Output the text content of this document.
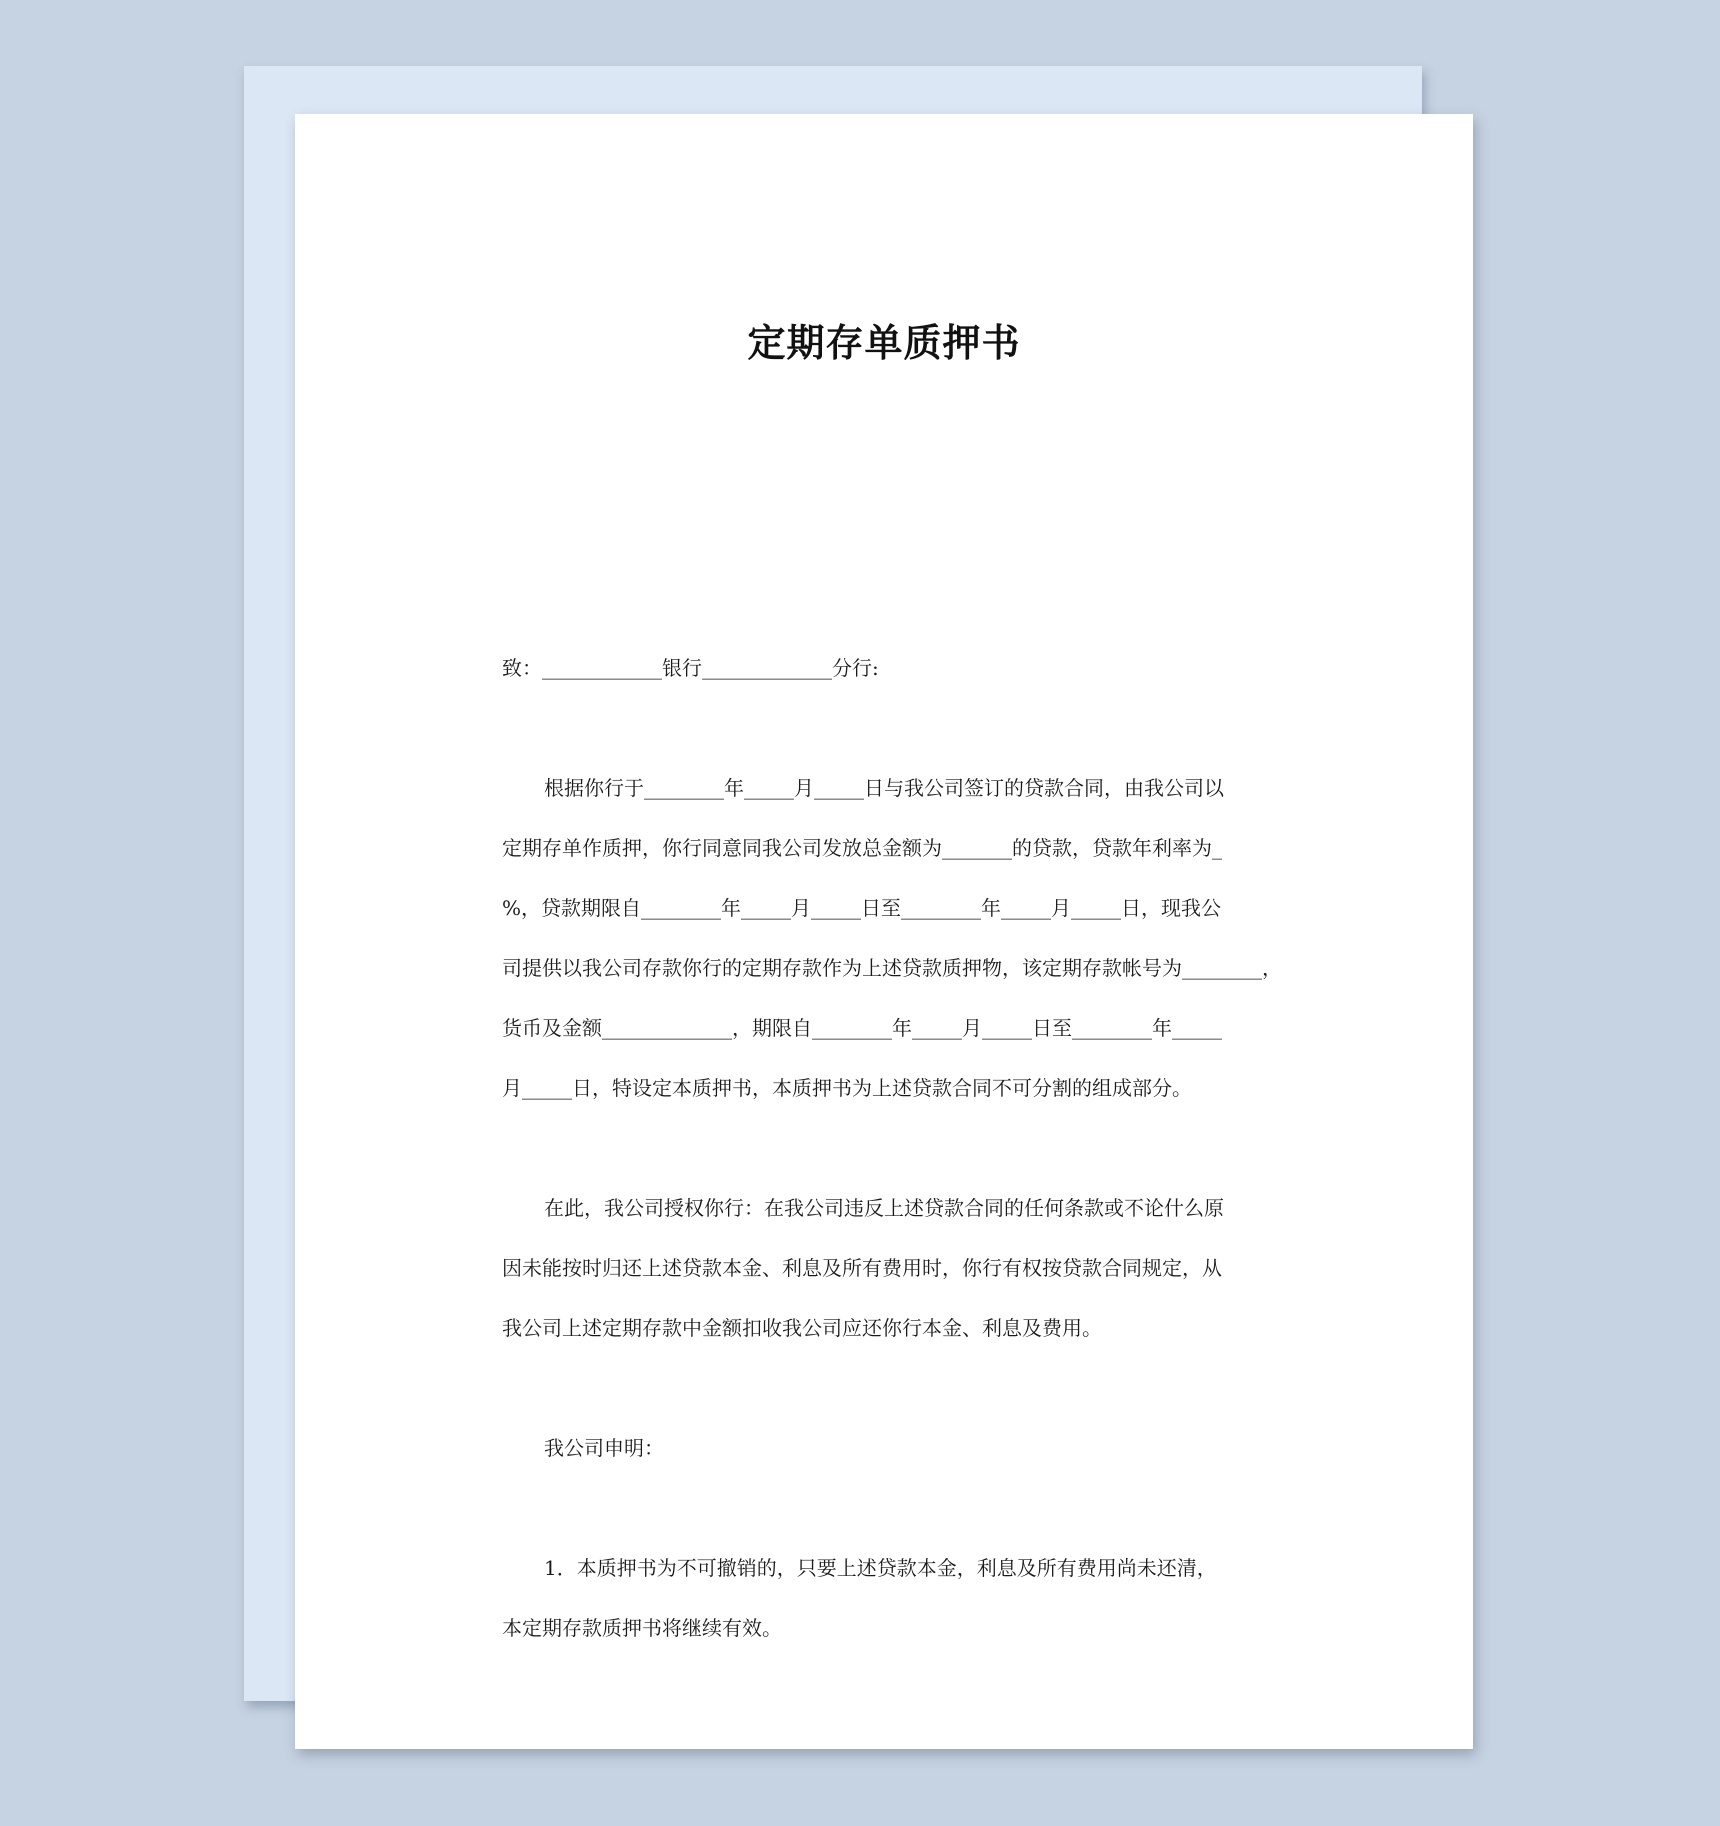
定期存单质押书
致：____________银行_____________分行:
根据你行于________年_____月_____日与我公司签订的贷款合同，由我公司以
定期存单作质押，你行同意同我公司发放总金额为_______的贷款，贷款年利率为_
%，贷款期限自________年_____月_____日至________年_____月_____日，现我公
司提供以我公司存款你行的定期存款作为上述贷款质押物，该定期存款帐号为________，
货币及金额_____________，期限自________年_____月_____日至________年_____
月_____日，特设定本质押书，本质押书为上述贷款合同不可分割的组成部分。
在此，我公司授权你行：在我公司违反上述贷款合同的任何条款或不论什么原
因未能按时归还上述贷款本金、利息及所有费用时，你行有权按贷款合同规定，从
我公司上述定期存款中金额扣收我公司应还你行本金、利息及费用。
我公司申明：
1．本质押书为不可撤销的，只要上述贷款本金，利息及所有费用尚未还清，
本定期存款质押书将继续有效。
